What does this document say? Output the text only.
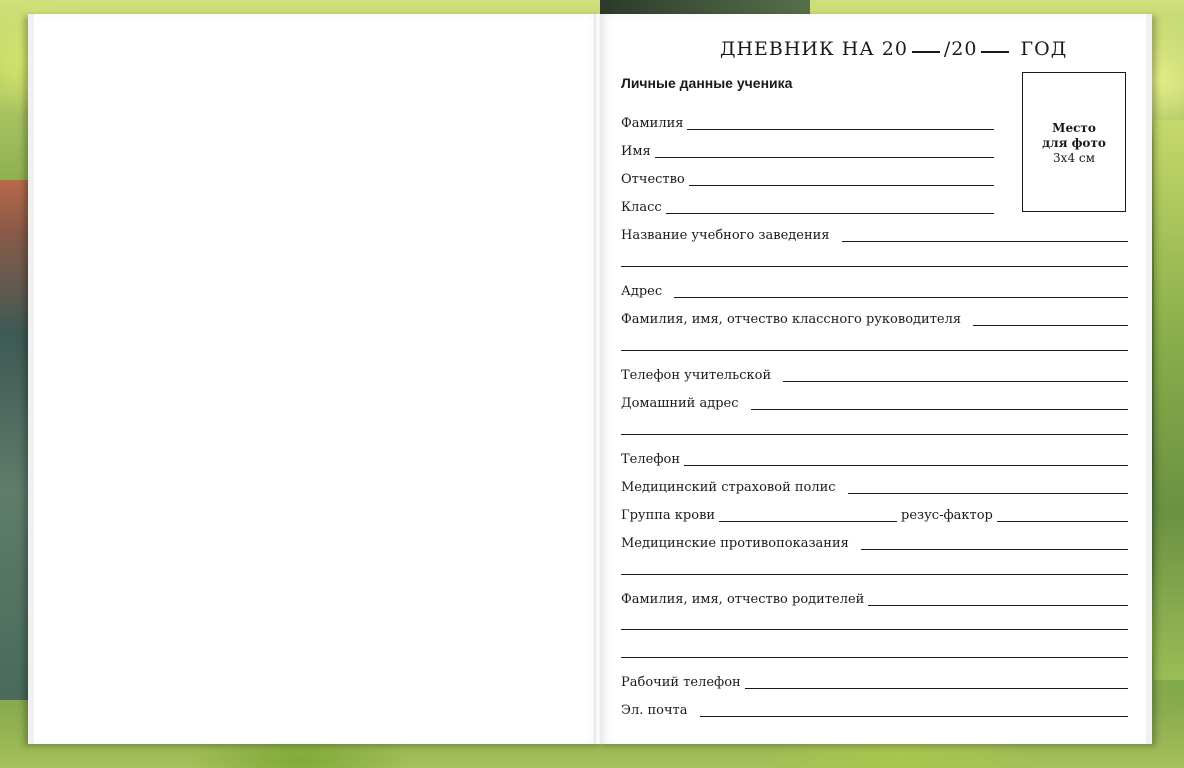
ДНЕВНИК НА 20 /20 ГОД
Личные данные ученика
Место
для фото
3x4 см
Фамилия
Имя
Отчество
Класс
Название учебного заведения
Адрес
Фамилия, имя, отчество классного руководителя
Телефон учительской
Домашний адрес
Телефон
Медицинский страховой полис
Группа крови	резус-фактор
Медицинские противопоказания
Фамилия, имя, отчество родителей
Рабочий телефон
Эл. почта
